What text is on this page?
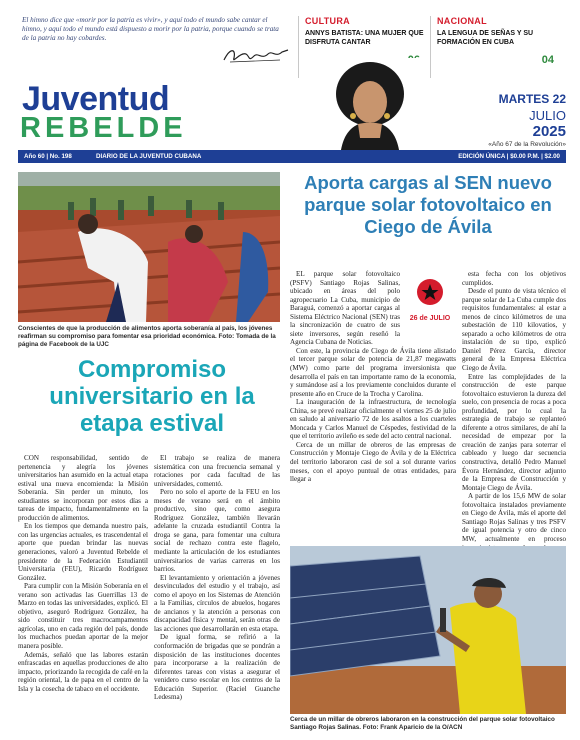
El himno dice que «morir por la patria es vivir», y aquí todo el mundo sabe cantar el himno, y aquí todo el mundo está dispuesto a morir por la patria, porque cuando se trata de la patria no hay cobardes.
CULTURA
ANNYS BATISTA: UNA MUJER QUE DISFRUTA CANTAR
NACIONAL
LA LENGUA DE SEÑAS Y SU FORMACIÓN EN CUBA
04
Juventud
REBELDE
MARTES 22
JULIO
2025
«Año 67 de la Revolución»
Año 60 | No. 198	DIARIO DE LA JUVENTUD CUBANA	EDICIÓN ÚNICA | $0.00 P.M. | $2.00
Conscientes de que la producción de alimentos aporta soberanía al país, los jóvenes reafirman su compromiso para fomentar esa prioridad económica. Foto: Tomada de la página de Facebook de la UJC
Compromiso universitario en la etapa estival

CON responsabilidad, sentido de pertenencia y alegría los jóvenes universitarios han asumido en la actual etapa estival una nueva encomienda: la Misión Soberanía. Sin perder un minuto, los estudiantes se incorporan por estos días a tareas de impacto, fundamentalmente en la producción de alimentos.

En los tiempos que demanda nuestro país, con las urgencias actuales, es trascendental el aporte que puedan brindar las nuevas generaciones, valoró a Juventud Rebelde el presidente de la Federación Estudiantil Universitaria (FEU), Ricardo Rodríguez González.

Para cumplir con la Misión Soberanía en el verano son activadas las Guerrillas 13 de Marzo en todas las universidades, explicó. El objetivo, aseguró Rodríguez González, ha sido constituir tres macrocampamentos agrícolas, uno en cada región del país, donde los muchachos puedan aportar de la mejor manera posible.

Además, señaló que las labores estarán enfrascadas en aquellas producciones de alto impacto, priorizando la recogida de café en la región oriental, la de papa en el centro de la Isla y la cosecha de tabaco en el occidente.

El trabajo se realiza de manera sistemática con una frecuencia semanal y rotaciones por cada facultad de las universidades, comentó.

Pero no solo el aporte de la FEU en los meses de verano será en el ámbito productivo, sino que, como asegura Rodríguez González, también llevarán adelante la cruzada estudiantil Contra la droga se gana, para fomentar una cultura social de rechazo contra este flagelo, mediante la articulación de los estudiantes universitarios de varias carreras en los barrios.

El levantamiento y orientación a jóvenes desvinculados del estudio y el trabajo, así como el apoyo en los Sistemas de Atención a la Familias, círculos de abuelos, hogares de ancianos y la atención a personas con discapacidad física y mental, serán otras de las acciones que desarrollarán en esta etapa.

De igual forma, se refirió a la conformación de brigadas que se pondrán a disposición de las instituciones docentes para incorporarse a la realización de diferentes tareas con vistas a asegurar el venidero curso escolar en los centros de la Educación Superior. (Raciel Guanche Ledesma)

Aporta cargas al SEN nuevo parque solar fotovoltaico en Ciego de Ávila
26 de JULIO

EL parque solar fotovoltaico (PSFV) Santiago Rojas Salinas, ubicado en áreas del polo agropecuario La Cuba, municipio de Baraguá, comenzó a aportar cargas al Sistema Eléctrico Nacional (SEN) tras la sincronización de cuatro de sus siete inversores, según reseñó la Agencia Cubana de Noticias.

Con este, la provincia de Ciego de Ávila tiene alistado el tercer parque solar de potencia de 21,87 megawatts (MW) como parte del programa inversionista que desarrolla el país en tan importante ramo de la economía, y sumándose así a los previamente concluidos durante el presente año en Cruce de la Trocha y Carolina.

La inauguración de la infraestructura, de tecnología China, se prevé realizar oficialmente el viernes 25 de julio en saludo al aniversario 72 de los asaltos a los cuarteles Moncada y Carlos Manuel de Céspedes, festividad de la que el territorio avileño es sede del acto central nacional.

Cerca de un millar de obreros de las empresas de Construcción y Montaje Ciego de Ávila y de la Eléctrica del territorio laboraron casi de sol a sol durante varios meses, con el apoyo puntual de otras entidades, para llegar a

esta fecha con los objetivos cumplidos.

Desde el punto de vista técnico el parque solar de La Cuba cumple dos requisitos fundamentales: al estar a menos de cinco kilómetros de una subestación de 110 kilovatios, y separado a ocho kilómetros de otra instalación de su tipo, explicó Daniel Pérez García, director general de la Empresa Eléctrica Ciego de Ávila.

Entre las complejidades de la construcción de este parque fotovoltaico estuvieron la dureza del suelo, con presencia de rocas a poca profundidad, por lo cual la estrategia de trabajo se replanteó diferente a otros similares, de ahí la necesidad de empezar por la creación de zanjas para soterrar el cableado y luego dar secuencia constructiva, detalló Pedro Manuel Évora Hernández, director adjunto de la Empresa de Construcción y Montaje Ciego de Ávila.

A partir de los 15,6 MW de solar fotovoltaica instalados previamente en Ciego de Ávila, más el aporte del Santiago Rojas Salinas y tres PSFV de igual potencia y otro de cinco MW, actualmente en proceso

Cerca de un millar de obreros laboraron en la construcción del parque solar fotovoltaico Santiago Rojas Salinas. Foto: Frank Aparicio de la O/ACN
